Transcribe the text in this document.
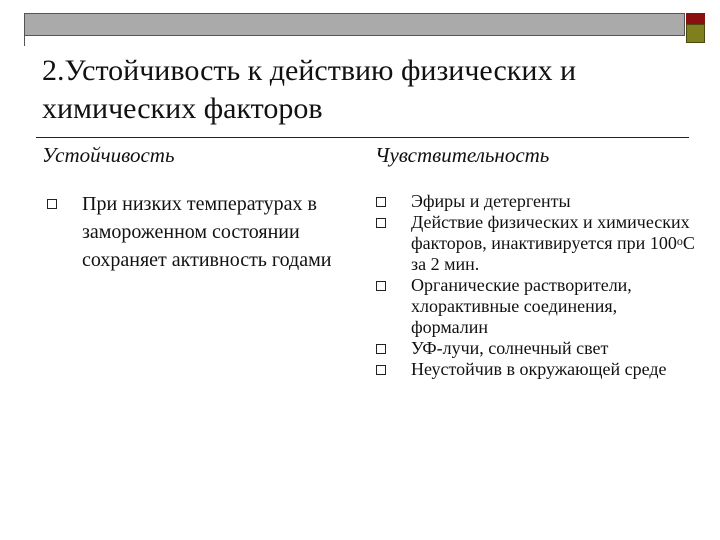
2.Устойчивость к действию физических и химических факторов
Устойчивость	Чувствительность
При низких температурах в замороженном состоянии сохраняет активность годами
Эфиры и детергенты
Действие физических и химических факторов, инактивируется при 100$^o$С за 2 мин.
Органические растворители, хлорактивные соединения, формалин
УФ-лучи, солнечный свет
Неустойчив в окружающей среде
